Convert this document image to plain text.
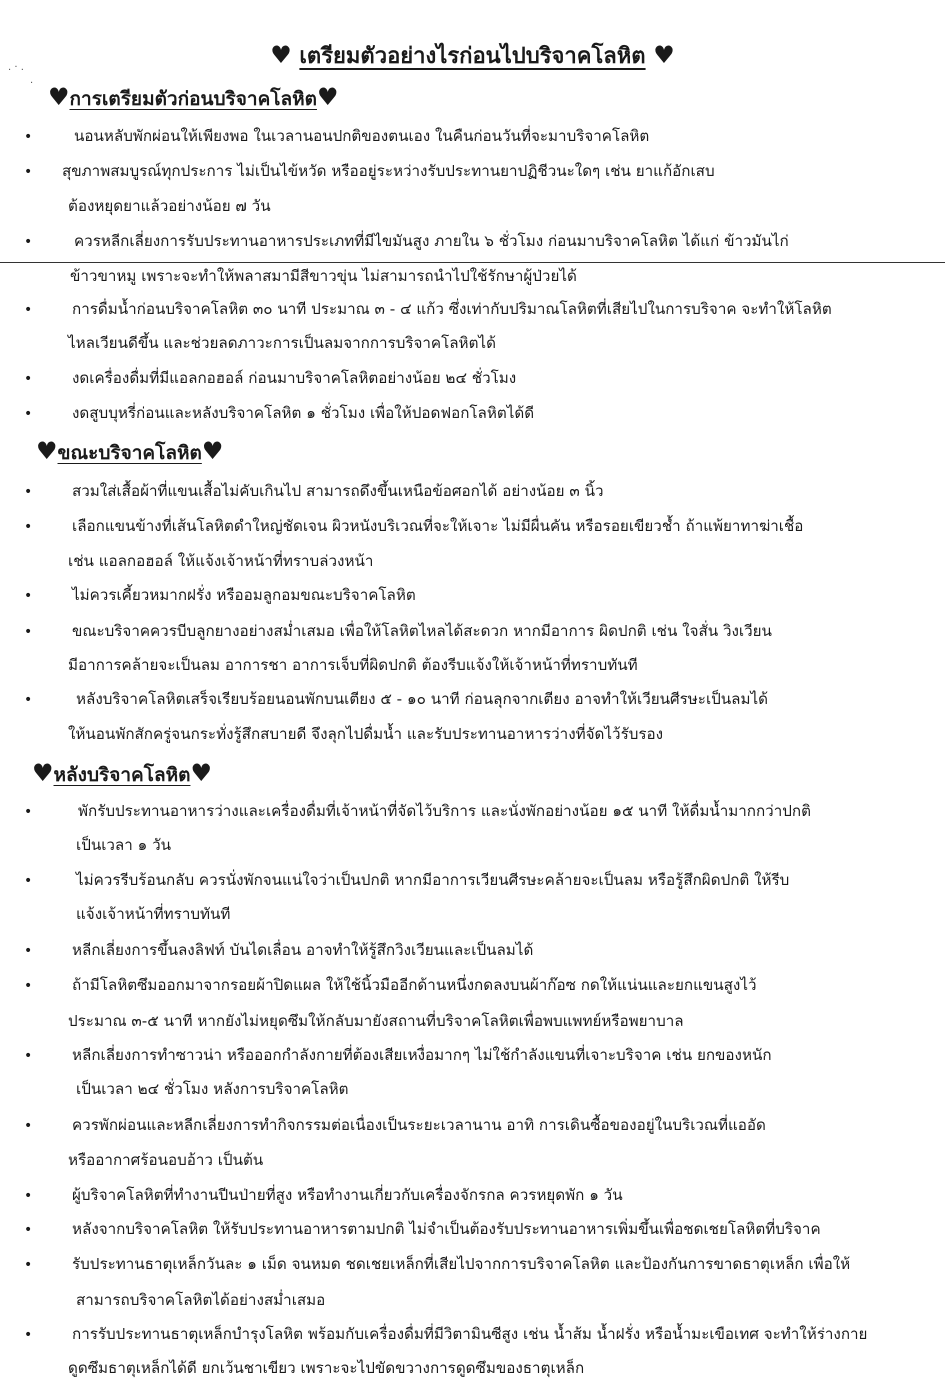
. · .
·
♥ เตรียมตัวอย่างไรก่อนไปบริจาคโลหิต ♥
♥การเตรียมตัวก่อนบริจาคโลหิต♥
•	นอนหลับพักผ่อนให้เพียงพอ ในเวลานอนปกติของตนเอง ในคืนก่อนวันที่จะมาบริจาคโลหิต
• สุขภาพสมบูรณ์ทุกประการ ไม่เป็นไข้หวัด หรืออยู่ระหว่างรับประทานยาปฏิชีวนะใดๆ เช่น ยาแก้อักเสบ
ต้องหยุดยาแล้วอย่างน้อย ๗ วัน
•	ควรหลีกเลี่ยงการรับประทานอาหารประเภทที่มีไขมันสูง ภายใน ๖ ชั่วโมง ก่อนมาบริจาคโลหิต ได้แก่ ข้าวมันไก่
ข้าวขาหมู เพราะจะทำให้พลาสมามีสีขาวขุ่น ไม่สามารถนำไปใช้รักษาผู้ป่วยได้
•	การดื่มน้ำก่อนบริจาคโลหิต ๓๐ นาที ประมาณ ๓ - ๔ แก้ว ซึ่งเท่ากับปริมาณโลหิตที่เสียไปในการบริจาค จะทำให้โลหิต
ไหลเวียนดีขึ้น และช่วยลดภาวะการเป็นลมจากการบริจาคโลหิตได้
•	งดเครื่องดื่มที่มีแอลกอฮอล์ ก่อนมาบริจาคโลหิตอย่างน้อย ๒๔ ชั่วโมง
•	งดสูบบุหรี่ก่อนและหลังบริจาคโลหิต ๑ ชั่วโมง เพื่อให้ปอดฟอกโลหิตได้ดี
♥ขณะบริจาคโลหิต♥
•	สวมใส่เสื้อผ้าที่แขนเสื้อไม่คับเกินไป สามารถดึงขึ้นเหนือข้อศอกได้ อย่างน้อย ๓ นิ้ว
•	เลือกแขนข้างที่เส้นโลหิตดำใหญ่ชัดเจน ผิวหนังบริเวณที่จะให้เจาะ ไม่มีผื่นคัน หรือรอยเขียวช้ำ ถ้าแพ้ยาทาฆ่าเชื้อ
เช่น แอลกอฮอล์ ให้แจ้งเจ้าหน้าที่ทราบล่วงหน้า
•	ไม่ควรเคี้ยวหมากฝรั่ง หรืออมลูกอมขณะบริจาคโลหิต
•	ขณะบริจาคควรบีบลูกยางอย่างสม่ำเสมอ เพื่อให้โลหิตไหลได้สะดวก หากมีอาการ ผิดปกติ เช่น ใจสั่น วิงเวียน
มีอาการคล้ายจะเป็นลม อาการชา อาการเจ็บที่ผิดปกติ ต้องรีบแจ้งให้เจ้าหน้าที่ทราบทันที
•	หลังบริจาคโลหิตเสร็จเรียบร้อยนอนพักบนเตียง ๕ - ๑๐ นาที ก่อนลุกจากเตียง อาจทำให้เวียนศีรษะเป็นลมได้
ให้นอนพักสักครู่จนกระทั่งรู้สึกสบายดี จึงลุกไปดื่มน้ำ และรับประทานอาหารว่างที่จัดไว้รับรอง
♥หลังบริจาคโลหิต♥
•	พักรับประทานอาหารว่างและเครื่องดื่มที่เจ้าหน้าที่จัดไว้บริการ และนั่งพักอย่างน้อย ๑๕ นาที ให้ดื่มน้ำมากกว่าปกติ
เป็นเวลา ๑ วัน
•	ไม่ควรรีบร้อนกลับ ควรนั่งพักจนแน่ใจว่าเป็นปกติ หากมีอาการเวียนศีรษะคล้ายจะเป็นลม หรือรู้สึกผิดปกติ ให้รีบ
แจ้งเจ้าหน้าที่ทราบทันที
•	หลีกเลี่ยงการขึ้นลงลิฟท์ บันไดเลื่อน อาจทำให้รู้สึกวิงเวียนและเป็นลมได้
•	ถ้ามีโลหิตซึมออกมาจากรอยผ้าปิดแผล ให้ใช้นิ้วมืออีกด้านหนึ่งกดลงบนผ้าก๊อซ กดให้แน่นและยกแขนสูงไว้
ประมาณ ๓-๕ นาที หากยังไม่หยุดซึมให้กลับมายังสถานที่บริจาคโลหิตเพื่อพบแพทย์หรือพยาบาล
•	หลีกเลี่ยงการทำซาวน่า หรือออกกำลังกายที่ต้องเสียเหงื่อมากๆ ไม่ใช้กำลังแขนที่เจาะบริจาค เช่น ยกของหนัก
เป็นเวลา ๒๔ ชั่วโมง หลังการบริจาคโลหิต
•	ควรพักผ่อนและหลีกเลี่ยงการทำกิจกรรมต่อเนื่องเป็นระยะเวลานาน อาทิ การเดินซื้อของอยู่ในบริเวณที่แออัด
หรืออากาศร้อนอบอ้าว เป็นต้น
•	ผู้บริจาคโลหิตที่ทำงานปีนป่ายที่สูง หรือทำงานเกี่ยวกับเครื่องจักรกล ควรหยุดพัก ๑ วัน
•	หลังจากบริจาคโลหิต ให้รับประทานอาหารตามปกติ ไม่จำเป็นต้องรับประทานอาหารเพิ่มขึ้นเพื่อชดเชยโลหิตที่บริจาค
•	รับประทานธาตุเหล็กวันละ ๑ เม็ด จนหมด ชดเชยเหล็กที่เสียไปจากการบริจาคโลหิต และป้องกันการขาดธาตุเหล็ก เพื่อให้
สามารถบริจาคโลหิตได้อย่างสม่ำเสมอ
•	การรับประทานธาตุเหล็กบำรุงโลหิต พร้อมกับเครื่องดื่มที่มีวิตามินซีสูง เช่น น้ำส้ม น้ำฝรั่ง หรือน้ำมะเขือเทศ จะทำให้ร่างกาย
ดูดซึมธาตุเหล็กได้ดี ยกเว้นชาเขียว เพราะจะไปขัดขวางการดูดซึมของธาตุเหล็ก
